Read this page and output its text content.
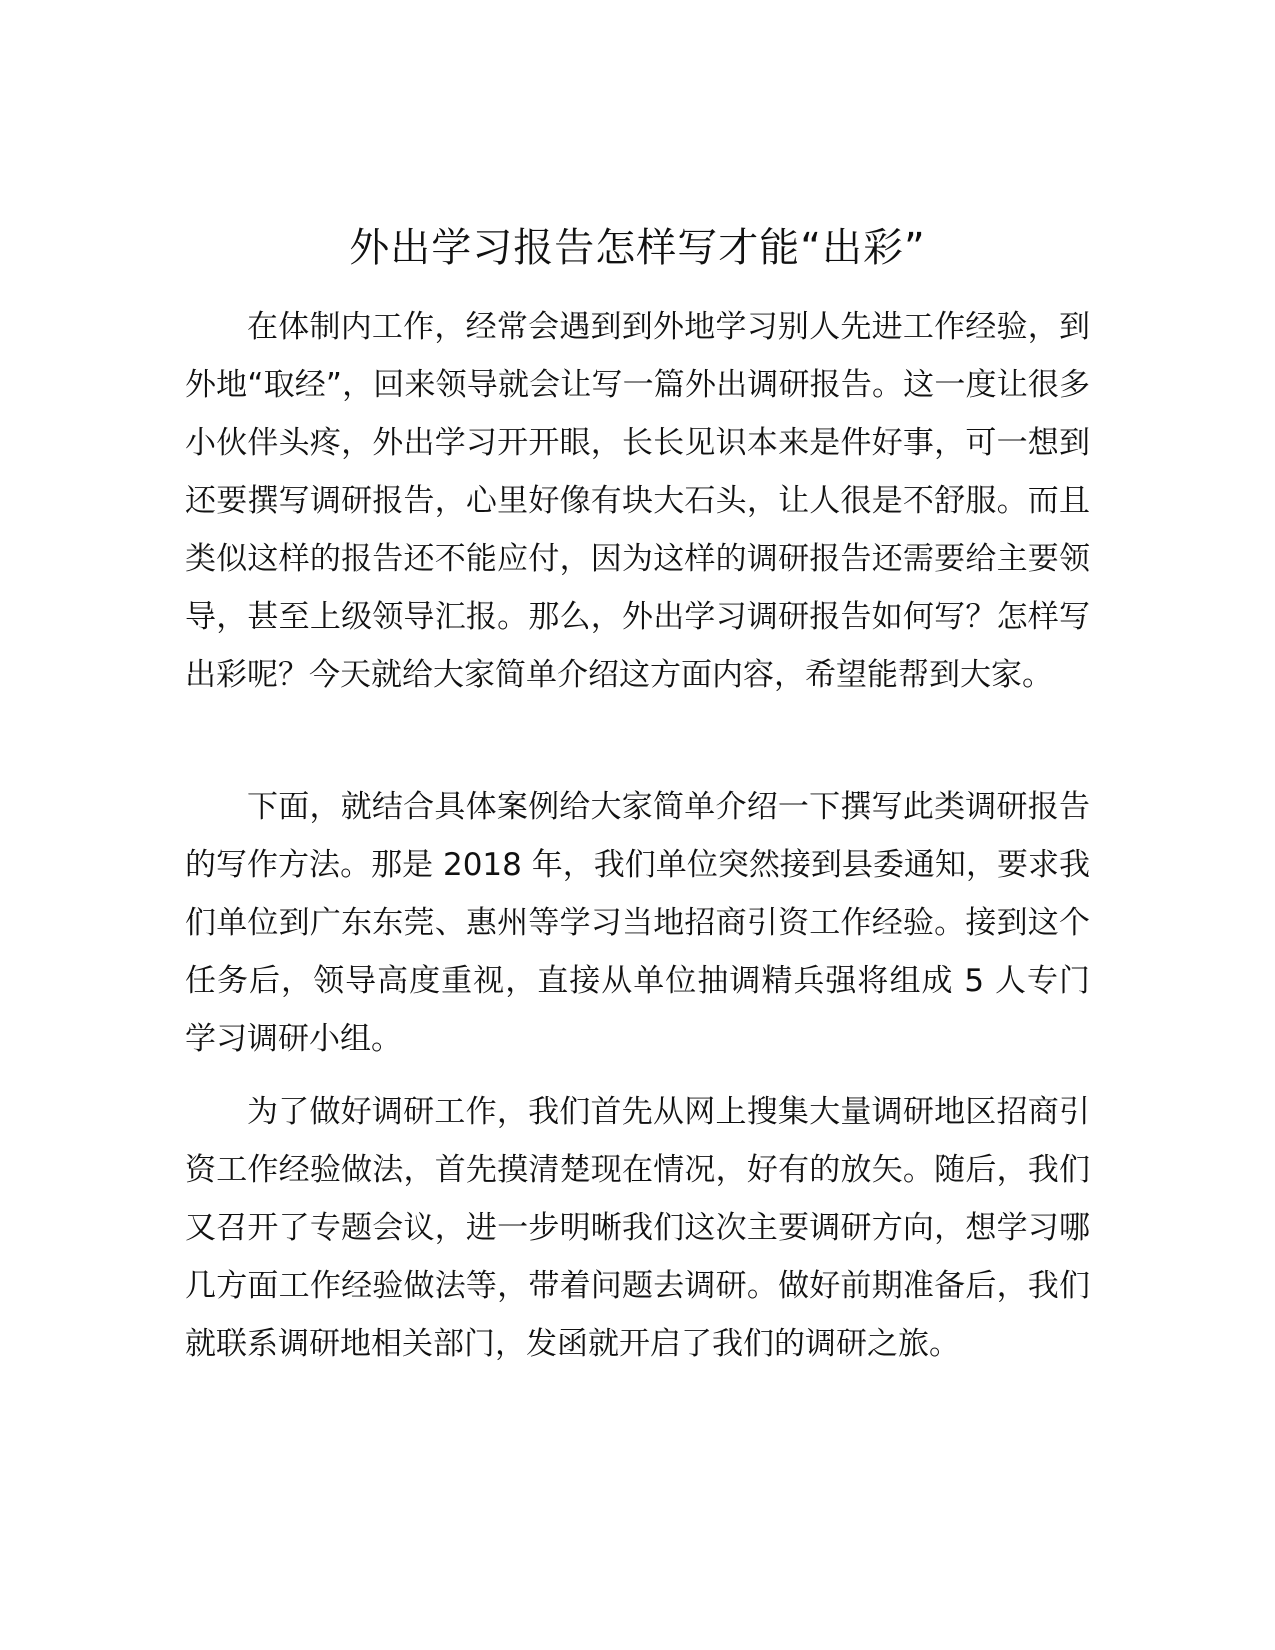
外出学习报告怎样写才能“出彩”

在体制内工作，经常会遇到到外地学习别人先进工作经验，到外地“取经”，回来领导就会让写一篇外出调研报告。这一度让很多小伙伴头疼，外出学习开开眼，长长见识本来是件好事，可一想到还要撰写调研报告，心里好像有块大石头，让人很是不舒服。而且类似这样的报告还不能应付，因为这样的调研报告还需要给主要领导，甚至上级领导汇报。那么，外出学习调研报告如何写？怎样写出彩呢？今天就给大家简单介绍这方面内容，希望能帮到大家。

下面，就结合具体案例给大家简单介绍一下撰写此类调研报告的写作方法。那是 2018 年，我们单位突然接到县委通知，要求我们单位到广东东莞、惠州等学习当地招商引资工作经验。接到这个任务后，领导高度重视，直接从单位抽调精兵强将组成 5 人专门学习调研小组。

为了做好调研工作，我们首先从网上搜集大量调研地区招商引资工作经验做法，首先摸清楚现在情况，好有的放矢。随后，我们又召开了专题会议，进一步明晰我们这次主要调研方向，想学习哪几方面工作经验做法等，带着问题去调研。做好前期准备后，我们就联系调研地相关部门，发函就开启了我们的调研之旅。
